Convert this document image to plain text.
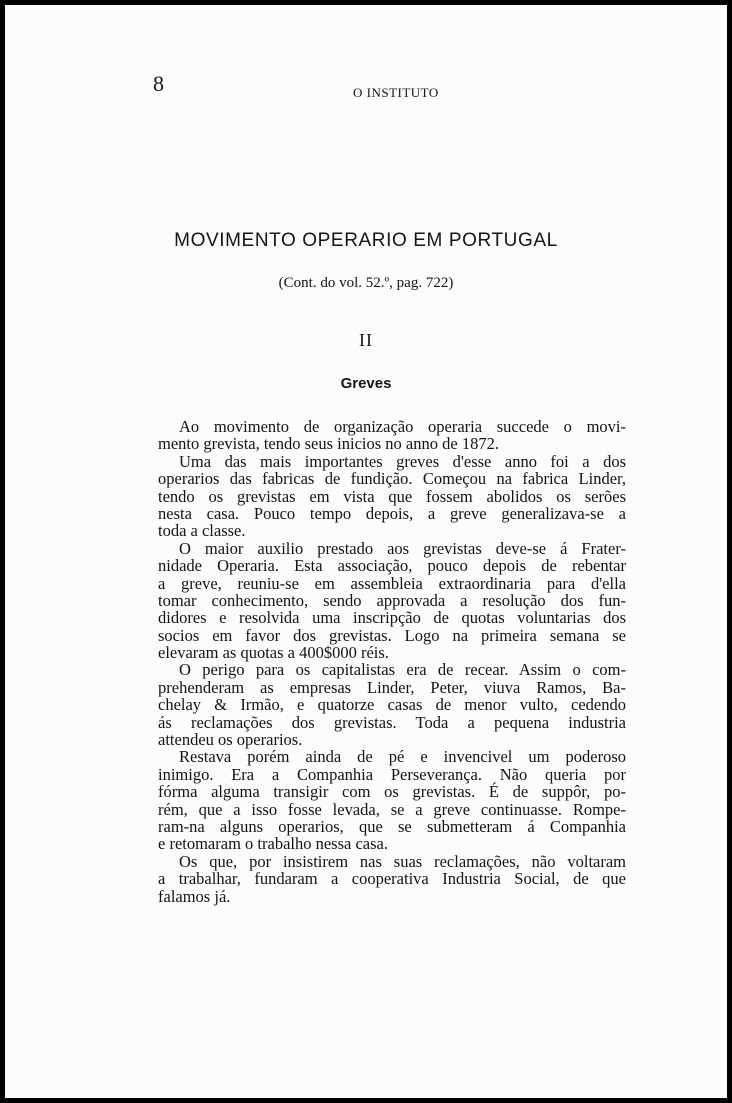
8	O INSTITUTO
MOVIMENTO OPERARIO EM PORTUGAL
(Cont. do vol. 52.º, pag. 722)
II
Greves
Ao movimento de organização operaria succede o movi-
mento grevista, tendo seus inicios no anno de 1872.
Uma das mais importantes greves d'esse anno foi a dos
operarios das fabricas de fundição. Começou na fabrica Linder,
tendo os grevistas em vista que fossem abolidos os serões
nesta casa. Pouco tempo depois, a greve generalizava-se a
toda a classe.
O maior auxilio prestado aos grevistas deve-se á Frater-
nidade Operaria. Esta associação, pouco depois de rebentar
a greve, reuniu-se em assembleia extraordinaria para d'ella
tomar conhecimento, sendo approvada a resolução dos fun-
didores e resolvida uma inscripção de quotas voluntarias dos
socios em favor dos grevistas. Logo na primeira semana se
elevaram as quotas a 400$000 réis.
O perigo para os capitalistas era de recear. Assim o com-
prehenderam as empresas Linder, Peter, viuva Ramos, Ba-
chelay & Irmão, e quatorze casas de menor vulto, cedendo
ás reclamações dos grevistas. Toda a pequena industria
attendeu os operarios.
Restava porém ainda de pé e invencivel um poderoso
inimigo. Era a Companhia Perseverança. Não queria por
fórma alguma transigir com os grevistas. É de suppôr, po-
rém, que a isso fosse levada, se a greve continuasse. Rompe-
ram-na alguns operarios, que se submetteram á Companhia
e retomaram o trabalho nessa casa.
Os que, por insistirem nas suas reclamações, não voltaram
a trabalhar, fundaram a cooperativa Industria Social, de que
falamos já.
